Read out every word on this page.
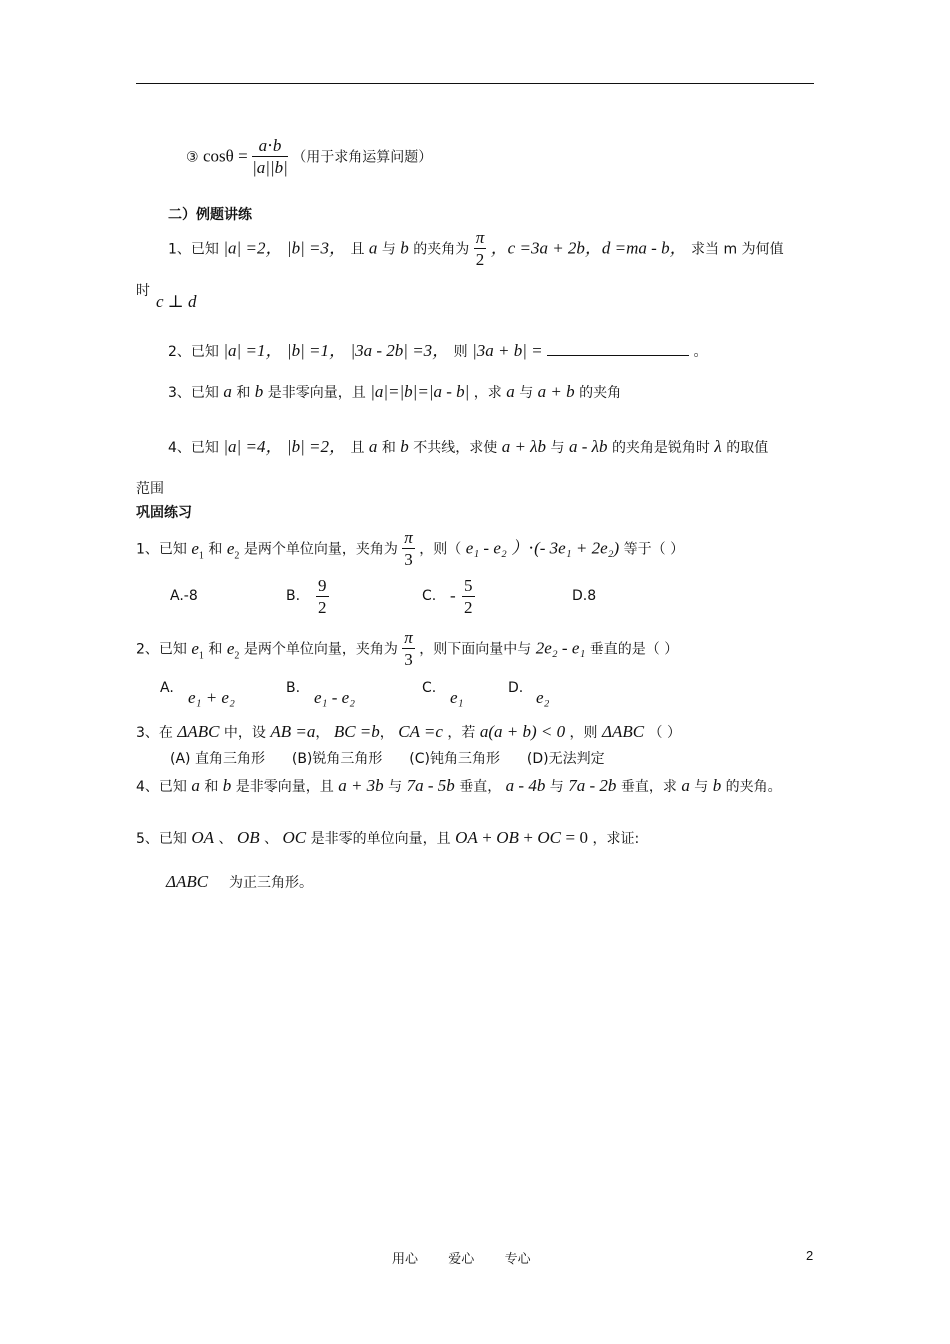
③ $\cos\theta = \frac{a\cdot b}{|a||b|}$ （用于求角运算问题）
二）例题讲练
1、已知 |a| =2， |b| =3， 且 a 与 b 的夹角为 $\frac{\pi}{2}$ ，c =3a + 2b，d =ma - b， 求当 m 为何值
时
c ⊥ d
2、已知 |a| =1， |b| =1， |3a - 2b| =3， 则 |3a + b| =	。
3、已知 a 和 b 是非零向量，且 |a|=|b|=|a - b| ，求 a 与 a + b 的夹角
4、已知 |a| =4， |b| =2， 且 a 和 b 不共线，求使 a + λb 与 a - λb 的夹角是锐角时 λ 的取值
范围
巩固练习
1、已知 $e_1$ 和 $e_2$ 是两个单位向量，夹角为 $\frac{\pi}{3}$ ，则（ e₁ - e₂ ）⋅(- 3e₁ + 2e₂) 等于（ ）
A.-8	B. $\frac{9}{2}$	C. - $\frac{5}{2}$	D.8
2、已知 $e_1$ 和 $e_2$ 是两个单位向量，夹角为 $\frac{\pi}{3}$ ，则下面向量中与 2e₂ - e₁ 垂直的是（ ）
A. e₁ + e₂	B. e₁ - e₂	C. e₁	D. e₂
3、在 ΔABC 中，设 AB =a， BC =b， CA =c ，若 a(a + b) < 0 ，则 ΔABC （ ）
(A) 直角三角形 (B)锐角三角形 (C)钝角三角形 (D)无法判定
4、已知 a 和 b 是非零向量，且 a + 3b 与 7a - 5b 垂直， a - 4b 与 7a - 2b 垂直，求 a 与 b 的夹角。
5、已知 OA 、 OB 、 OC 是非零的单位向量，且 OA + OB + OC = 0 ，求证:
ΔABC 为正三角形。
用心 爱心 专心	2
